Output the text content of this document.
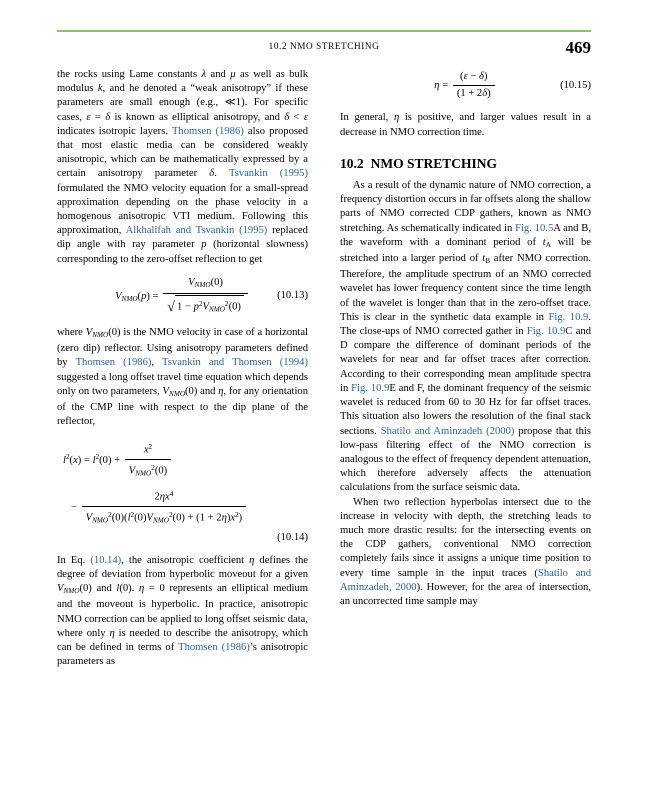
10.2 NMO STRETCHING	469

the rocks using Lame constants λ and μ as well as bulk modulus k, and he denoted a “weak anisotropy” if these parameters are small enough (e.g., ≪1). For specific cases, ε = δ is known as elliptical anisotropy, and δ < ε indicates isotropic layers. Thomsen (1986) also proposed that most elastic media can be considered weakly anisotropic, which can be mathematically expressed by a certain anisotropy parameter δ. Tsvankin (1995) formulated the NMO velocity equation for a small-spread approximation depending on the phase velocity in a homogenous anisotropic VTI medium. Following this approximation, Alkhalifah and Tsvankin (1995) replaced dip angle with ray parameter p (horizontal slowness) corresponding to the zero-offset reflection to get

$V_{NMO}(p) = \frac{V_{NMO}(0)}{√ 1 - p^2V_{NMO}^2(0)}$	(10.13)

where $V_{NMO}(0)$ is the NMO velocity in case of a horizontal (zero dip) reflector. Using anisotropy parameters defined by Thomsen (1986), Tsvankin and Thomsen (1994) suggested a long offset travel time equation which depends only on two parameters, $V_{NMO}(0)$ and η, for any orientation of the CMP line with respect to the dip plane of the reflector,

$l^2(x) = l^2(0) + \frac{x^2}{V_{NMO}^2(0)}$
− $\frac{2\eta x^4}{V_{NMO}^2(0)(l^2(0)V_{NMO}^2(0) + (1 + 2\eta)x^2)}$
(10.14)

In Eq. (10.14), the anisotropic coefficient η defines the degree of deviation from hyperbolic moveout for a given $V_{NMO}(0)$ and l(0). η = 0 represents an elliptical medium and the moveout is hyperbolic. In practice, anisotropic NMO correction can be applied to long offset seismic data, where only η is needed to describe the anisotropy, which can be defined in terms of Thomsen (1986)’s anisotropic parameters as

$\eta = \frac{(\varepsilon - \delta)}{(1 + 2\delta)}$	(10.15)

In general, η is positive, and larger values result in a decrease in NMO correction time.

10.2 NMO STRETCHING

As a result of the dynamic nature of NMO correction, a frequency distortion occurs in far offsets along the shallow parts of NMO corrected CDP gathers, known as NMO stretching. As schematically indicated in Fig. 10.5A and B, the waveform with a dominant period of tA will be stretched into a larger period of tB after NMO correction. Therefore, the amplitude spectrum of an NMO corrected wavelet has lower frequency content since the time length of the wavelet is longer than that in the zero-offset trace. This is clear in the synthetic data example in Fig. 10.9. The close-ups of NMO corrected gather in Fig. 10.9C and D compare the difference of dominant periods of the wavelets for near and far offset traces after correction. According to their corresponding mean amplitude spectra in Fig. 10.9E and F, the dominant frequency of the seismic wavelet is reduced from 60 to 30 Hz for far offset traces. This situation also lowers the resolution of the final stack sections. Shatilo and Aminzadeh (2000) propose that this low-pass filtering effect of the NMO correction is analogous to the effect of frequency dependent attenuation, which therefore adversely affects the attenuation calculations from the surface seismic data.

When two reflection hyperbolas intersect due to the increase in velocity with depth, the stretching leads to much more drastic results: for the intersecting events on the CDP gathers, conventional NMO correction completely fails since it assigns a unique time position to every time sample in the input traces (Shatilo and Aminzadeh, 2000). However, for the area of intersection, an uncorrected time sample may
